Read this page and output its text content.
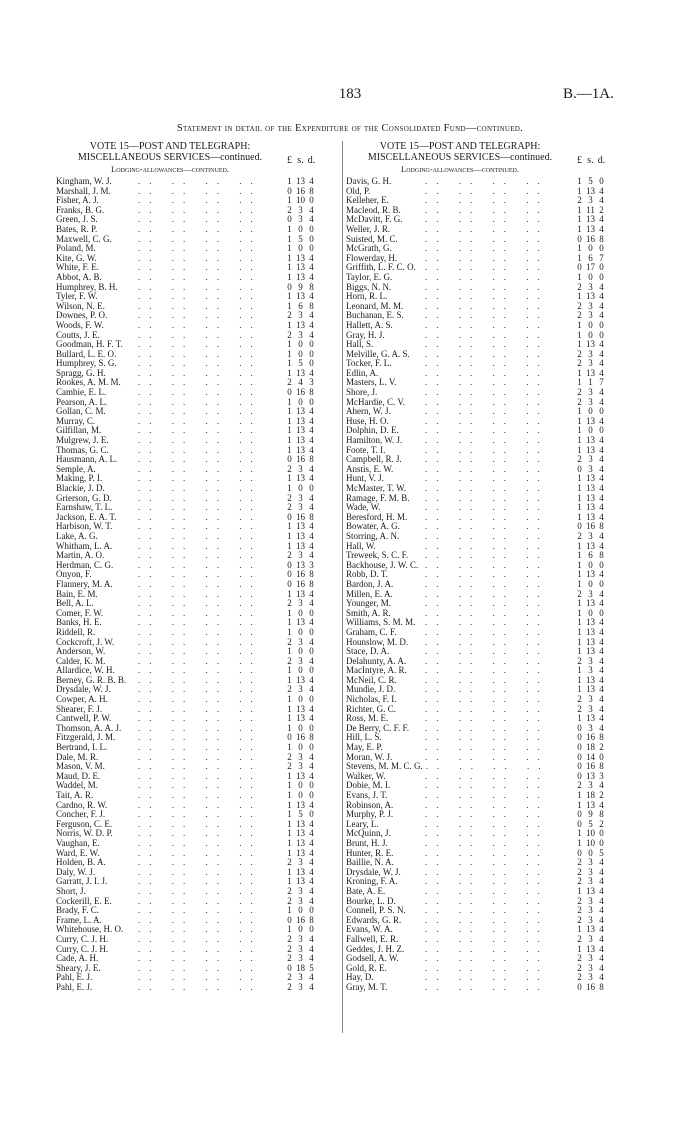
183	B.—1A.
Statement in detail of the Expenditure of the Consolidated Fund—continued.
VOTE 15—POST AND TELEGRAPH: MISCELLANEOUS SERVICES—continued.
Lodging-allowances—continued.
£ s. d.
Kingham, W. J.	1 13 4
.. .. .. ..
Marshall, J. M.	0 16 8
.. .. .. ..
Fisher, A. J.	1 10 0
.. .. .. ..
Franks, B. G.	2 3 4
.. .. .. ..
Green, J. S.	0 3 4
.. .. .. ..
Bates, R. P.	1 0 0
.. .. .. ..
Maxwell, C. G.	1 5 0
.. .. .. ..
Poland, M.	1 0 0
.. .. .. ..
Kite, G. W.	1 13 4
.. .. .. ..
White, F. E.	1 13 4
.. .. .. ..
Abbot, A. B.	1 13 4
.. .. .. ..
Humphrey, B. H.	0 9 8
.. .. .. ..
Tyler, F. W.	1 13 4
.. .. .. ..
Wilson, N. E.	1 6 8
.. .. .. ..
Downes, P. O.	2 3 4
.. .. .. ..
Woods, F. W.	1 13 4
.. .. .. ..
Coutts, J. E.	2 3 4
.. .. .. ..
Goodman, H. F. T.	1 0 0
.. .. .. ..
Bullard, L. E. O.	1 0 0
.. .. .. ..
Humphrey, S. G.	1 5 0
.. .. .. ..
Spragg, G. H.	1 13 4
.. .. .. ..
Rookes, A. M. M.	2 4 3
.. .. .. ..
Cambie, E. L.	0 16 8
.. .. .. ..
Pearson, A. L.	1 0 0
.. .. .. ..
Gollan, C. M.	1 13 4
.. .. .. ..
Murray, C.	1 13 4
.. .. .. ..
Gilfillan, M.	1 13 4
.. .. .. ..
Mulgrew, J. E.	1 13 4
.. .. .. ..
Thomas, G. C.	1 13 4
.. .. .. ..
Hausmann, A. L.	0 16 8
.. .. .. ..
Semple, A.	2 3 4
.. .. .. ..
Making, P. I.	1 13 4
.. .. .. ..
Blackie, J. D.	1 0 0
.. .. .. ..
Grierson, G. D.	2 3 4
.. .. .. ..
Earnshaw, T. L.	2 3 4
.. .. .. ..
Jackson, E. A. T.	0 16 8
.. .. .. ..
Harbison, W. T.	1 13 4
.. .. .. ..
Lake, A. G.	1 13 4
.. .. .. ..
Whitham, L. A.	1 13 4
.. .. .. ..
Martin, A. O.	2 3 4
.. .. .. ..
Herdman, C. G.	0 13 3
.. .. .. ..
Onyon, F.	0 16 8
.. .. .. ..
Flannery, M. A.	0 16 8
.. .. .. ..
Bain, E. M.	1 13 4
.. .. .. ..
Bell, A. L.	2 3 4
.. .. .. ..
Comer, F. W.	1 0 0
.. .. .. ..
Banks, H. E.	1 13 4
.. .. .. ..
Riddell, R.	1 0 0
.. .. .. ..
Cockcroft, J. W.	2 3 4
.. .. .. ..
Anderson, W.	1 0 0
.. .. .. ..
Calder, K. M.	2 3 4
.. .. .. ..
Allardice, W. H.	1 0 0
.. .. .. ..
Berney, G. R. B. B.	1 13 4
.. .. .. ..
Drysdale, W. J.	2 3 4
.. .. .. ..
Cowper, A. H.	1 0 0
.. .. .. ..
Shearer, F. J.	1 13 4
.. .. .. ..
Cantwell, P. W.	1 13 4
.. .. .. ..
Thomson, A. A. J.	1 0 0
.. .. .. ..
Fitzgerald, J. M.	0 16 8
.. .. .. ..
Bertrand, I. L.	1 0 0
.. .. .. ..
Dale, M. R.	2 3 4
.. .. .. ..
Mason, V. M.	2 3 4
.. .. .. ..
Maud, D. E.	1 13 4
.. .. .. ..
Waddel, M.	1 0 0
.. .. .. ..
Tait, A. R.	1 0 0
.. .. .. ..
Cardno, R. W.	1 13 4
.. .. .. ..
Concher, F. J.	1 5 0
.. .. .. ..
Ferguson, C. E.	1 13 4
.. .. .. ..
Norris, W. D. P.	1 13 4
.. .. .. ..
Vaughan, E.	1 13 4
.. .. .. ..
Ward, E. W.	1 13 4
.. .. .. ..
Holden, B. A.	2 3 4
.. .. .. ..
Daly, W. J.	1 13 4
.. .. .. ..
Garratt, J. I. J.	1 13 4
.. .. .. ..
Short, J.	2 3 4
.. .. .. ..
Cockerill, E. E.	2 3 4
.. .. .. ..
Brady, F. C.	1 0 0
.. .. .. ..
Frame, L. A.	0 16 8
.. .. .. ..
Whitehouse, H. O.	1 0 0
.. .. .. ..
Curry, C. J. H.	2 3 4
.. .. .. ..
Curry, C. J. H.	2 3 4
.. .. .. ..
Cade, A. H.	2 3 4
.. .. .. ..
Sheary, J. E.	0 18 5
.. .. .. ..
Pahl, E. J.	2 3 4
.. .. .. ..
Pahl, E. J.	2 3 4
.. .. .. ..
VOTE 15—POST AND TELEGRAPH: MISCELLANEOUS SERVICES—continued.
Lodging-allowances—continued.
£ s. d.
Davis, G. H.	1 5 0
.. .. .. ..
Old, P.	1 13 4
.. .. .. ..
Kelleher, E.	2 3 4
.. .. .. ..
Macleod, R. B.	1 11 2
.. .. .. ..
McDavitt, F. G.	1 13 4
.. .. .. ..
Weller, J. R.	1 13 4
.. .. .. ..
Suisted, M. C.	0 16 8
.. .. .. ..
McGrath, G.	1 0 0
.. .. .. ..
Flowerday, H.	1 6 7
.. .. .. ..
Griffith, L. F. C. O.	0 17 0
.. .. .. ..
Taylor, E. G.	1 0 0
.. .. .. ..
Biggs, N. N.	2 3 4
.. .. .. ..
Horn, R. L.	1 13 4
.. .. .. ..
Leonard, M. M.	2 3 4
.. .. .. ..
Buchanan, E. S.	2 3 4
.. .. .. ..
Hallett, A. S.	1 0 0
.. .. .. ..
Gray, H. J.	1 0 0
.. .. .. ..
Hall, S.	1 13 4
.. .. .. ..
Melville, G. A. S.	2 3 4
.. .. .. ..
Tocker, F. L.	2 3 4
.. .. .. ..
Edlin, A.	1 13 4
.. .. .. ..
Masters, L. V.	1 1 7
.. .. .. ..
Shore, J.	2 3 4
.. .. .. ..
McHardie, C. V.	2 3 4
.. .. .. ..
Ahern, W. J.	1 0 0
.. .. .. ..
Huse, H. O.	1 13 4
.. .. .. ..
Dolphin, D. E.	1 0 0
.. .. .. ..
Hamilton, W. J.	1 13 4
.. .. .. ..
Foote, T. I.	1 13 4
.. .. .. ..
Campbell, R. J.	2 3 4
.. .. .. ..
Anstis, E. W.	0 3 4
.. .. .. ..
Hunt, V. J.	1 13 4
.. .. .. ..
McMaster, T. W.	1 13 4
.. .. .. ..
Ramage, F. M. B.	1 13 4
.. .. .. ..
Wade, W.	1 13 4
.. .. .. ..
Beresford, H. M.	1 13 4
.. .. .. ..
Bowater, A. G.	0 16 8
.. .. .. ..
Storring, A. N.	2 3 4
.. .. .. ..
Hall, W.	1 13 4
.. .. .. ..
Treweek, S. C. F.	1 6 8
.. .. .. ..
Backhouse, J. W. C.	1 0 0
.. .. .. ..
Robb, D. T.	1 13 4
.. .. .. ..
Bardon, J. A.	1 0 0
.. .. .. ..
Millen, E. A.	2 3 4
.. .. .. ..
Younger, M.	1 13 4
.. .. .. ..
Smith, A. R.	1 0 0
.. .. .. ..
Williams, S. M. M.	1 13 4
.. .. .. ..
Graham, C. F.	1 13 4
.. .. .. ..
Hounslow, M. D.	1 13 4
.. .. .. ..
Stace, D. A.	1 13 4
.. .. .. ..
Delahunty, A. A.	2 3 4
.. .. .. ..
MacIntyre, A. R.	1 3 4
.. .. .. ..
McNeil, C. R.	1 13 4
.. .. .. ..
Mundie, J. D.	1 13 4
.. .. .. ..
Nicholas, F. I.	2 3 4
.. .. .. ..
Richter, G. C.	2 3 4
.. .. .. ..
Ross, M. E.	1 13 4
.. .. .. ..
De Berry, C. F. F.	0 3 4
.. .. .. ..
Hill, L. S.	0 16 8
.. .. .. ..
May, E. P.	0 18 2
.. .. .. ..
Moran, W. J.	0 14 0
.. .. .. ..
Stevens, M. M. C. G.	0 16 8
.. .. .. ..
Walker, W.	0 13 3
.. .. .. ..
Dobie, M. I.	2 3 4
.. .. .. ..
Evans, J. T.	1 18 2
.. .. .. ..
Robinson, A.	1 13 4
.. .. .. ..
Murphy, P. J.	0 9 8
.. .. .. ..
Leary, L.	0 5 2
.. .. .. ..
McQuinn, J.	1 10 0
.. .. .. ..
Brunt, H. J.	1 10 0
.. .. .. ..
Hunter, R. E.	0 0 5
.. .. .. ..
Baillie, N. A.	2 3 4
.. .. .. ..
Drysdale, W. J.	2 3 4
.. .. .. ..
Kroning, F. A.	2 3 4
.. .. .. ..
Bate, A. E.	1 13 4
.. .. .. ..
Bourke, L. D.	2 3 4
.. .. .. ..
Connell, P. S. N.	2 3 4
.. .. .. ..
Edwards, G. R.	2 3 4
.. .. .. ..
Evans, W. A.	1 13 4
.. .. .. ..
Fallwell, E. R.	2 3 4
.. .. .. ..
Geddes, J. H. Z.	1 13 4
.. .. .. ..
Godsell, A. W.	2 3 4
.. .. .. ..
Gold, R. E.	2 3 4
.. .. .. ..
Hay, D.	2 3 4
.. .. .. ..
Gray, M. T.	0 16 8
.. .. .. ..
